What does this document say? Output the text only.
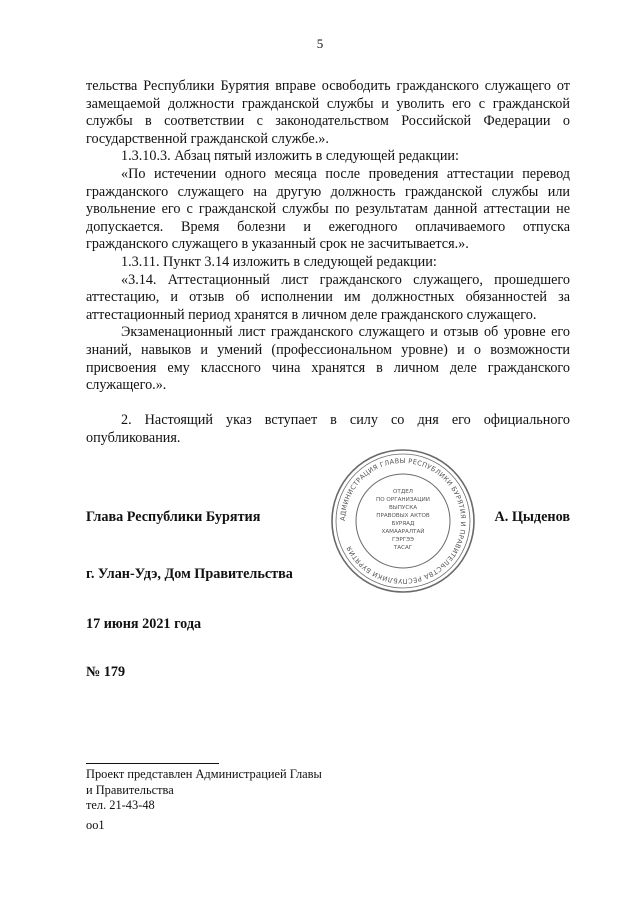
5

тельства Республики Бурятия вправе освободить гражданского служащего от замещаемой должности гражданской службы и уволить его с гражданской службы в соответствии с законодательством Российской Федерации о государственной гражданской службе.».

1.3.10.3. Абзац пятый изложить в следующей редакции:

«По истечении одного месяца после проведения аттестации перевод гражданского служащего на другую должность гражданской службы или увольнение его с гражданской службы по результатам данной аттестации не допускается. Время болезни и ежегодного оплачиваемого отпуска гражданского служащего в указанный срок не засчитывается.».

1.3.11. Пункт 3.14 изложить в следующей редакции:

«3.14. Аттестационный лист гражданского служащего, прошедшего аттестацию, и отзыв об исполнении им должностных обязанностей за аттестационный период хранятся в личном деле гражданского служащего.

Экзаменационный лист гражданского служащего и отзыв об уровне его знаний, навыков и умений (профессиональном уровне) и о возможности присвоения ему классного чина хранятся в личном деле гражданского служащего.».

2. Настоящий указ вступает в силу со дня его официального опубликования.

АДМИНИСТРАЦИЯ ГЛАВЫ РЕСПУБЛИКИ БУРЯТИЯ И ПРАВИТЕЛЬСТВА РЕСПУБЛИКИ БУРЯТИЯ
ОТДЕЛ
ПО ОРГАНИЗАЦИИ
ВЫПУСКА
ПРАВОВЫХ АКТОВ
БУРЯАД
ХАМААРАЛТАЙ
ГЭРГЭЭ
ТАСАГ
Глава Республики Бурятия	А. Цыденов
г. Улан-Удэ, Дом Правительства
17 июня 2021 года
№ 179
Проект представлен Администрацией Главы
и Правительства
тел. 21-43-48
оо1
